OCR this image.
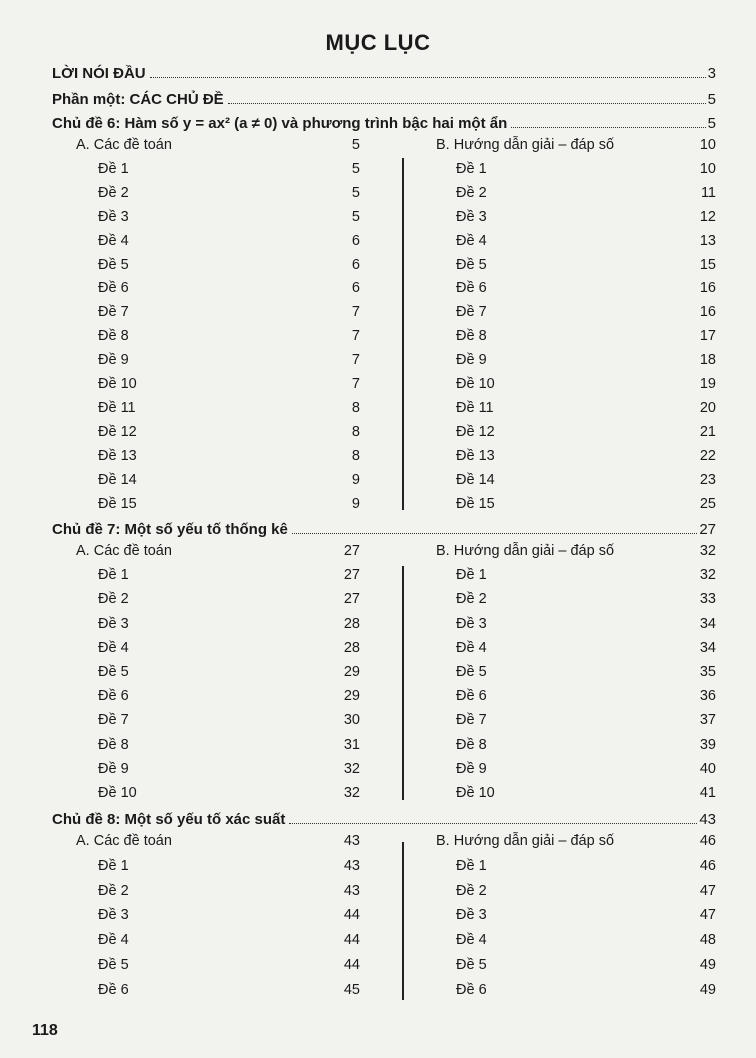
MỤC LỤC
LỜI NÓI ĐẦU	3
Phần một: CÁC CHỦ ĐỀ	5
Chủ đề 6: Hàm số y = ax² (a ≠ 0) và phương trình bậc hai một ẩn	5
A. Các đề toán	5	B. Hướng dẫn giải – đáp số	10
Đề 1	5
Đề 2	5
Đề 3	5
Đề 4	6
Đề 5	6
Đề 6	6
Đề 7	7
Đề 8	7
Đề 9	7
Đề 10	7
Đề 11	8
Đề 12	8
Đề 13	8
Đề 14	9
Đề 15	9
Đề 1	10
Đề 2	11
Đề 3	12
Đề 4	13
Đề 5	15
Đề 6	16
Đề 7	16
Đề 8	17
Đề 9	18
Đề 10	19
Đề 11	20
Đề 12	21
Đề 13	22
Đề 14	23
Đề 15	25
Chủ đề 7: Một số yếu tố thống kê	27
A. Các đề toán	27	B. Hướng dẫn giải – đáp số	32
Đề 1	27
Đề 2	27
Đề 3	28
Đề 4	28
Đề 5	29
Đề 6	29
Đề 7	30
Đề 8	31
Đề 9	32
Đề 10	32
Đề 1	32
Đề 2	33
Đề 3	34
Đề 4	34
Đề 5	35
Đề 6	36
Đề 7	37
Đề 8	39
Đề 9	40
Đề 10	41
Chủ đề 8: Một số yếu tố xác suất	43
A. Các đề toán	43	B. Hướng dẫn giải – đáp số	46
Đề 1	43
Đề 2	43
Đề 3	44
Đề 4	44
Đề 5	44
Đề 6	45
Đề 1	46
Đề 2	47
Đề 3	47
Đề 4	48
Đề 5	49
Đề 6	49
118
